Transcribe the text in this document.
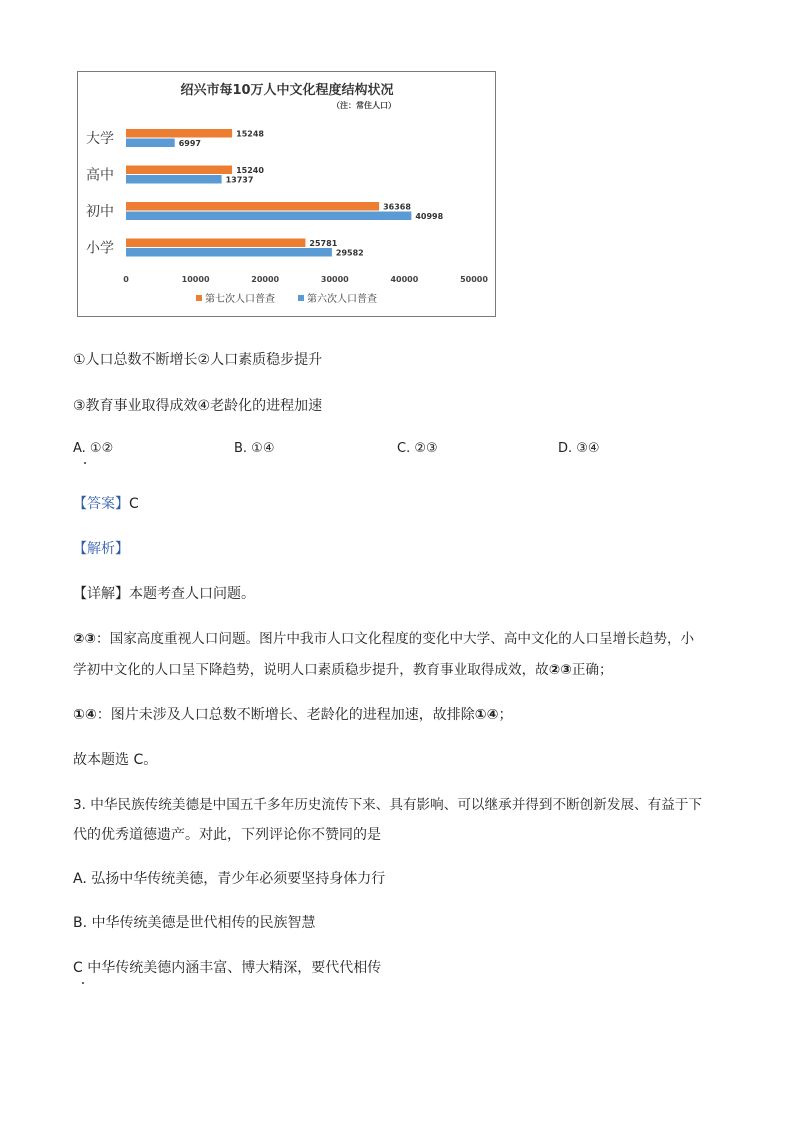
绍兴市每10万人中文化程度结构状况
（注：常住人口）
大学	15248
6997
高中	15240
13737
初中	36368
40998
小学	25781
29582
0	10000	20000	30000	40000	50000
第七次人口普查	第六次人口普查
①人口总数不断增长②人口素质稳步提升
③教育事业取得成效④老龄化的进程加速
A. ①②	B. ①④	C. ②③	D. ③④
【答案】C
【解析】
【详解】本题考查人口问题。
②③：国家高度重视人口问题。图片中我市人口文化程度的变化中大学、高中文化的人口呈增长趋势，小
学初中文化的人口呈下降趋势，说明人口素质稳步提升，教育事业取得成效，故②③正确；
①④：图片未涉及人口总数不断增长、老龄化的进程加速，故排除①④；
故本题选 C。
3. 中华民族传统美德是中国五千多年历史流传下来、具有影响、可以继承并得到不断创新发展、有益于下
代的优秀道德遗产。对此，下列评论你不赞同的是
A. 弘扬中华传统美德，青少年必须要坚持身体力行
B. 中华传统美德是世代相传的民族智慧
C 中华传统美德内涵丰富、博大精深，要代代相传
